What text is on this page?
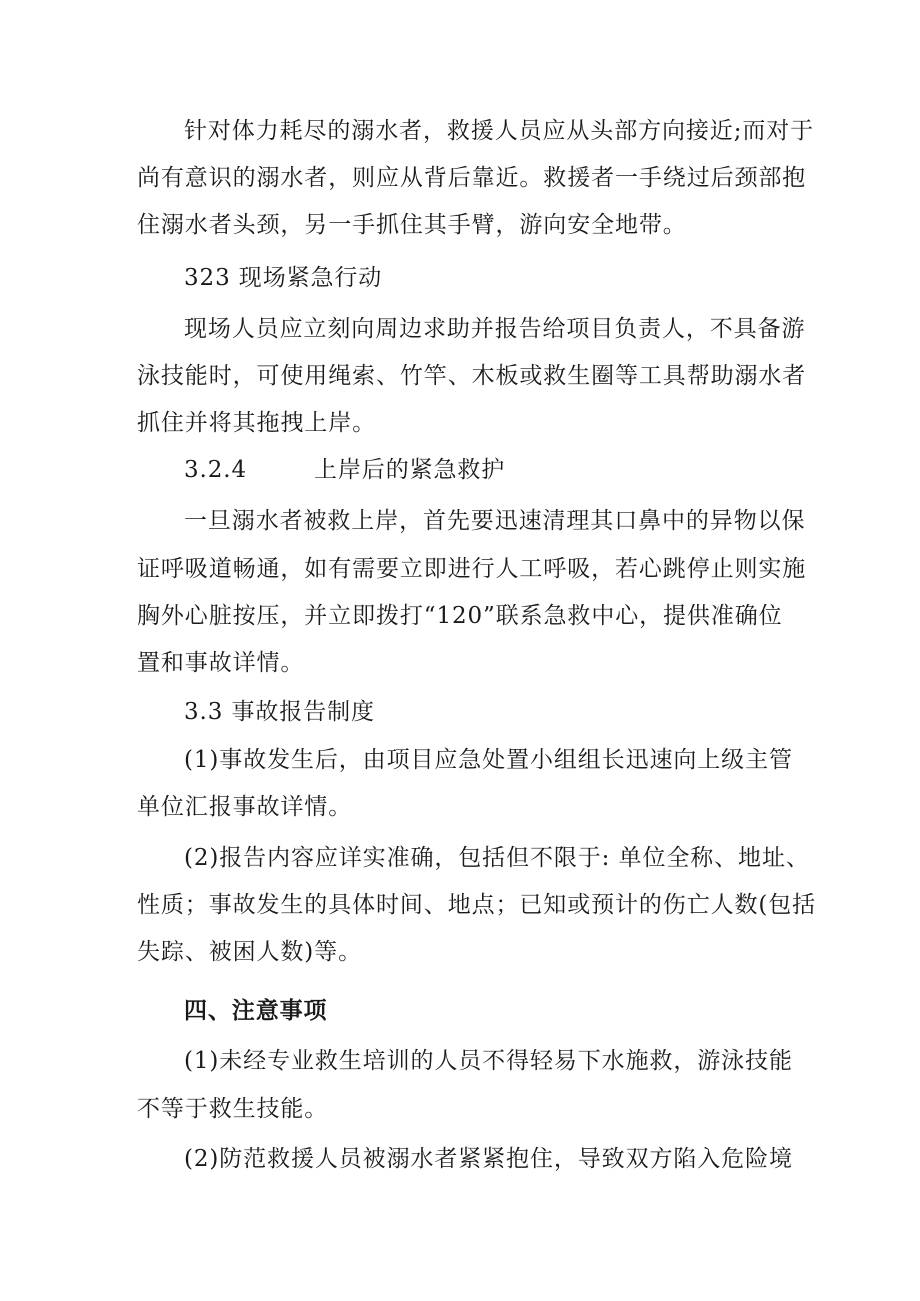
针对体力耗尽的溺水者，救援人员应从头部方向接近;而对于
尚有意识的溺水者，则应从背后靠近。救援者一手绕过后颈部抱
住溺水者头颈，另一手抓住其手臂，游向安全地带。
323 现场紧急行动
现场人员应立刻向周边求助并报告给项目负责人，不具备游
泳技能时，可使用绳索、竹竿、木板或救生圈等工具帮助溺水者
抓住并将其拖拽上岸。
3.2.4	上岸后的紧急救护
一旦溺水者被救上岸，首先要迅速清理其口鼻中的异物以保
证呼吸道畅通，如有需要立即进行人工呼吸，若心跳停止则实施
胸外心脏按压，并立即拨打“120”联系急救中心，提供准确位
置和事故详情。
3.3 事故报告制度
(1)事故发生后，由项目应急处置小组组长迅速向上级主管
单位汇报事故详情。
(2)报告内容应详实准确，包括但不限于: 单位全称、地址、
性质；事故发生的具体时间、地点；已知或预计的伤亡人数(包括
失踪、被困人数)等。
四、注意事项
(1)未经专业救生培训的人员不得轻易下水施救，游泳技能
不等于救生技能。
(2)防范救援人员被溺水者紧紧抱住，导致双方陷入危险境
